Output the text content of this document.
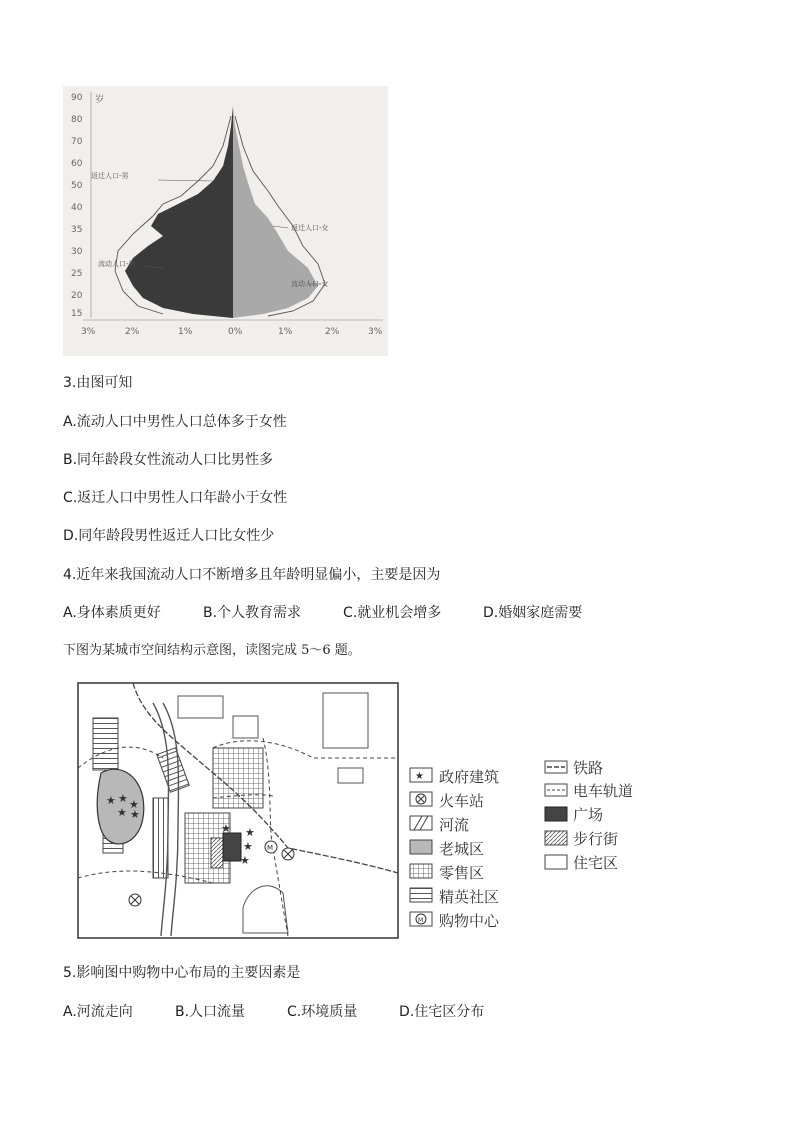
90
80
70
60
50
40
35
30
25
20
15
岁
返迁人口-男
返迁人口-女
流动人口-男
流动人口-女
3%	2%	1%	0%	1%	2%	3%
3.由图可知
A.流动人口中男性人口总体多于女性
B.同年龄段女性流动人口比男性多
C.返迁人口中男性人口年龄小于女性
D.同年龄段男性返迁人口比女性少
4.近年来我国流动人口不断增多且年龄明显偏小，主要是因为
A.身体素质更好	B.个人教育需求	C.就业机会增多	D.婚姻家庭需要
下图为某城市空间结构示意图，读图完成 5～6 题。
★ ★ ★
★ ★
★
★
★
★
M
★ 政府建筑
火车站
河流
老城区
零售区
精英社区
M 购物中心
铁路
电车轨道
广场
步行街
住宅区
5.影响图中购物中心布局的主要因素是
A.河流走向	B.人口流量	C.环境质量	D.住宅区分布
